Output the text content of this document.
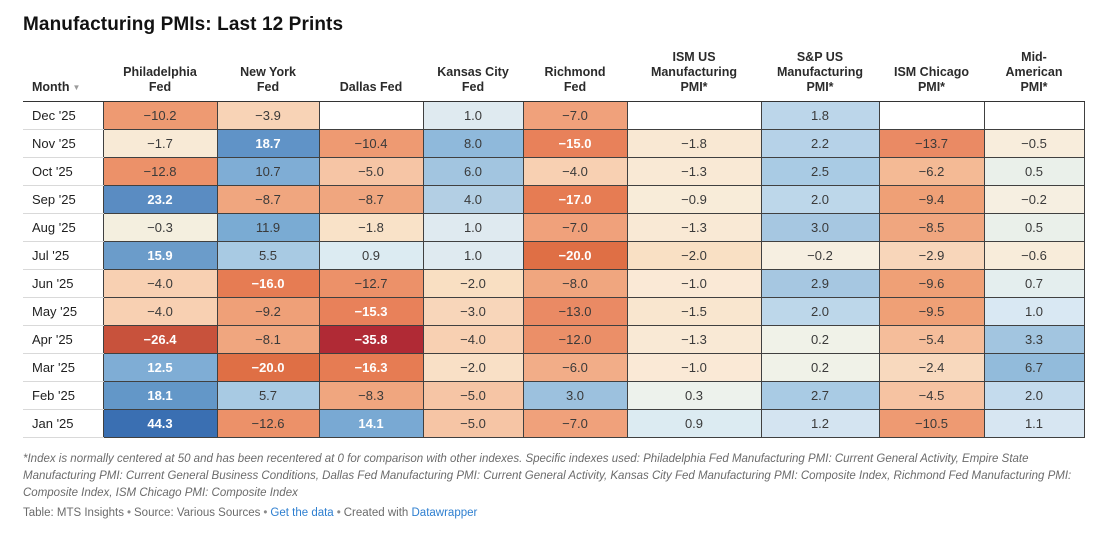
Manufacturing PMIs: Last 12 Prints
Month ▼	Philadelphia
Fed	New York
Fed	Dallas Fed	Kansas City
Fed	Richmond
Fed	ISM US
Manufacturing
PMI*	S&P US
Manufacturing
PMI*	ISM Chicago
PMI*	Mid-
American
PMI*
Dec '25	−10.2	−3.9		1.0	−7.0		1.8		
Nov '25	−1.7	18.7	−10.4	8.0	−15.0	−1.8	2.2	−13.7	−0.5
Oct '25	−12.8	10.7	−5.0	6.0	−4.0	−1.3	2.5	−6.2	0.5
Sep '25	23.2	−8.7	−8.7	4.0	−17.0	−0.9	2.0	−9.4	−0.2
Aug '25	−0.3	11.9	−1.8	1.0	−7.0	−1.3	3.0	−8.5	0.5
Jul '25	15.9	5.5	0.9	1.0	−20.0	−2.0	−0.2	−2.9	−0.6
Jun '25	−4.0	−16.0	−12.7	−2.0	−8.0	−1.0	2.9	−9.6	0.7
May '25	−4.0	−9.2	−15.3	−3.0	−13.0	−1.5	2.0	−9.5	1.0
Apr '25	−26.4	−8.1	−35.8	−4.0	−12.0	−1.3	0.2	−5.4	3.3
Mar '25	12.5	−20.0	−16.3	−2.0	−6.0	−1.0	0.2	−2.4	6.7
Feb '25	18.1	5.7	−8.3	−5.0	3.0	0.3	2.7	−4.5	2.0
Jan '25	44.3	−12.6	14.1	−5.0	−7.0	0.9	1.2	−10.5	1.1

*Index is normally centered at 50 and has been recentered at 0 for comparison with other indexes. Specific indexes used: Philadelphia Fed Manufacturing PMI: Current General Activity, Empire State Manufacturing PMI: Current General Business Conditions, Dallas Fed Manufacturing PMI: Current General Activity, Kansas City Fed Manufacturing PMI: Composite Index, Richmond Fed Manufacturing PMI: Composite Index, ISM Chicago PMI: Composite Index

Table: MTS Insights • Source: Various Sources • Get the data • Created with Datawrapper
